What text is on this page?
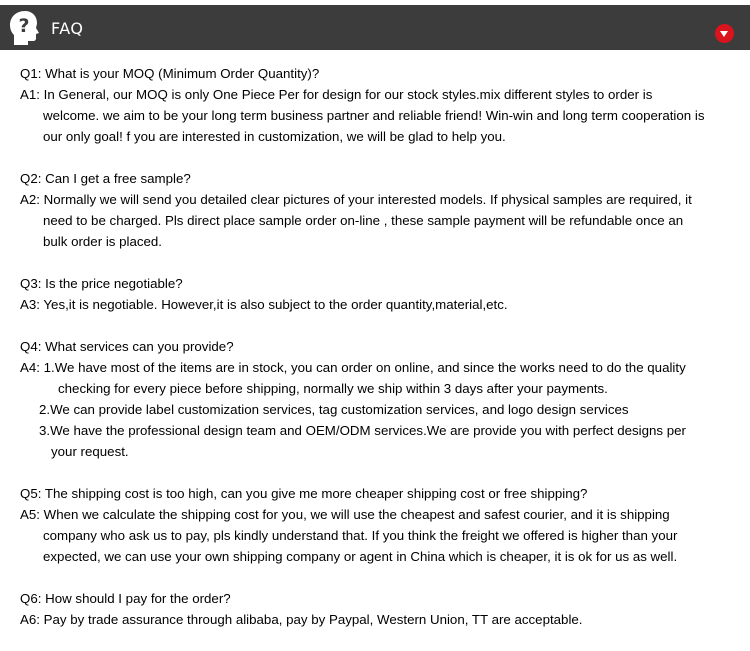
? FAQ

Q1: What is your MOQ (Minimum Order Quantity)?

A1: In General, our MOQ is only One Piece Per for design for our stock styles.mix different styles to order is
welcome. we aim to be your long term business partner and reliable friend! Win-win and long term cooperation is
our only goal! f you are interested in customization, we will be glad to help you.

Q2: Can I get a free sample?

A2: Normally we will send you detailed clear pictures of your interested models. If physical samples are required, it
need to be charged. Pls direct place sample order on-line , these sample payment will be refundable once an
bulk order is placed.

Q3: Is the price negotiable?

A3: Yes,it is negotiable. However,it is also subject to the order quantity,material,etc.

Q4: What services can you provide?

A4: 1.We have most of the items are in stock, you can order on online, and since the works need to do the quality
checking for every piece before shipping, normally we ship within 3 days after your payments.
2.We can provide label customization services, tag customization services, and logo design services
3.We have the professional design team and OEM/ODM services.We are provide you with perfect designs per
your request.

Q5: The shipping cost is too high, can you give me more cheaper shipping cost or free shipping?

A5: When we calculate the shipping cost for you, we will use the cheapest and safest courier, and it is shipping
company who ask us to pay, pls kindly understand that. If you think the freight we offered is higher than your
expected, we can use your own shipping company or agent in China which is cheaper, it is ok for us as well.

Q6: How should I pay for the order?

A6: Pay by trade assurance through alibaba, pay by Paypal, Western Union, TT are acceptable.
